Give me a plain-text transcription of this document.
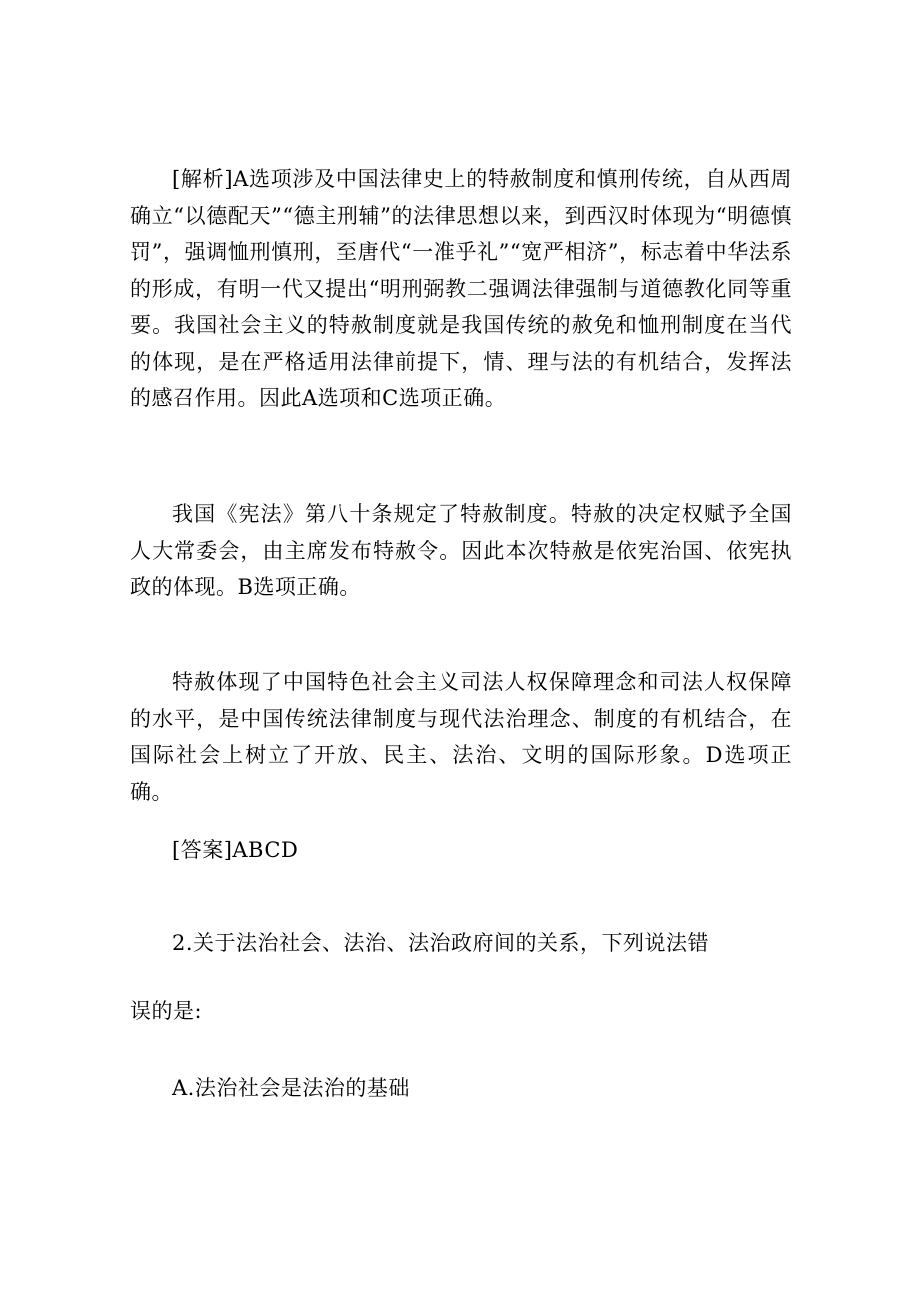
[解析]A选项涉及中国法律史上的特赦制度和慎刑传统，自从西周确立“以德配天”“德主刑辅”的法律思想以来，到西汉时体现为“明德慎罚”，强调恤刑慎刑，至唐代“一准乎礼”“宽严相济”，标志着中华法系的形成，有明一代又提出“明刑弼教二强调法律强制与道德教化同等重要。我国社会主义的特赦制度就是我国传统的赦免和恤刑制度在当代的体现，是在严格适用法律前提下，情、理与法的有机结合，发挥法的感召作用。因此A选项和C选项正确。

我国《宪法》第八十条规定了特赦制度。特赦的决定权赋予全国人大常委会，由主席发布特赦令。因此本次特赦是依宪治国、依宪执政的体现。B选项正确。

特赦体现了中国特色社会主义司法人权保障理念和司法人权保障的水平，是中国传统法律制度与现代法治理念、制度的有机结合，在国际社会上树立了开放、民主、法治、文明的国际形象。D选项正确。

[答案]ABCD

2.关于法治社会、法治、法治政府间的关系，下列说法错

误的是:

A.法治社会是法治的基础
